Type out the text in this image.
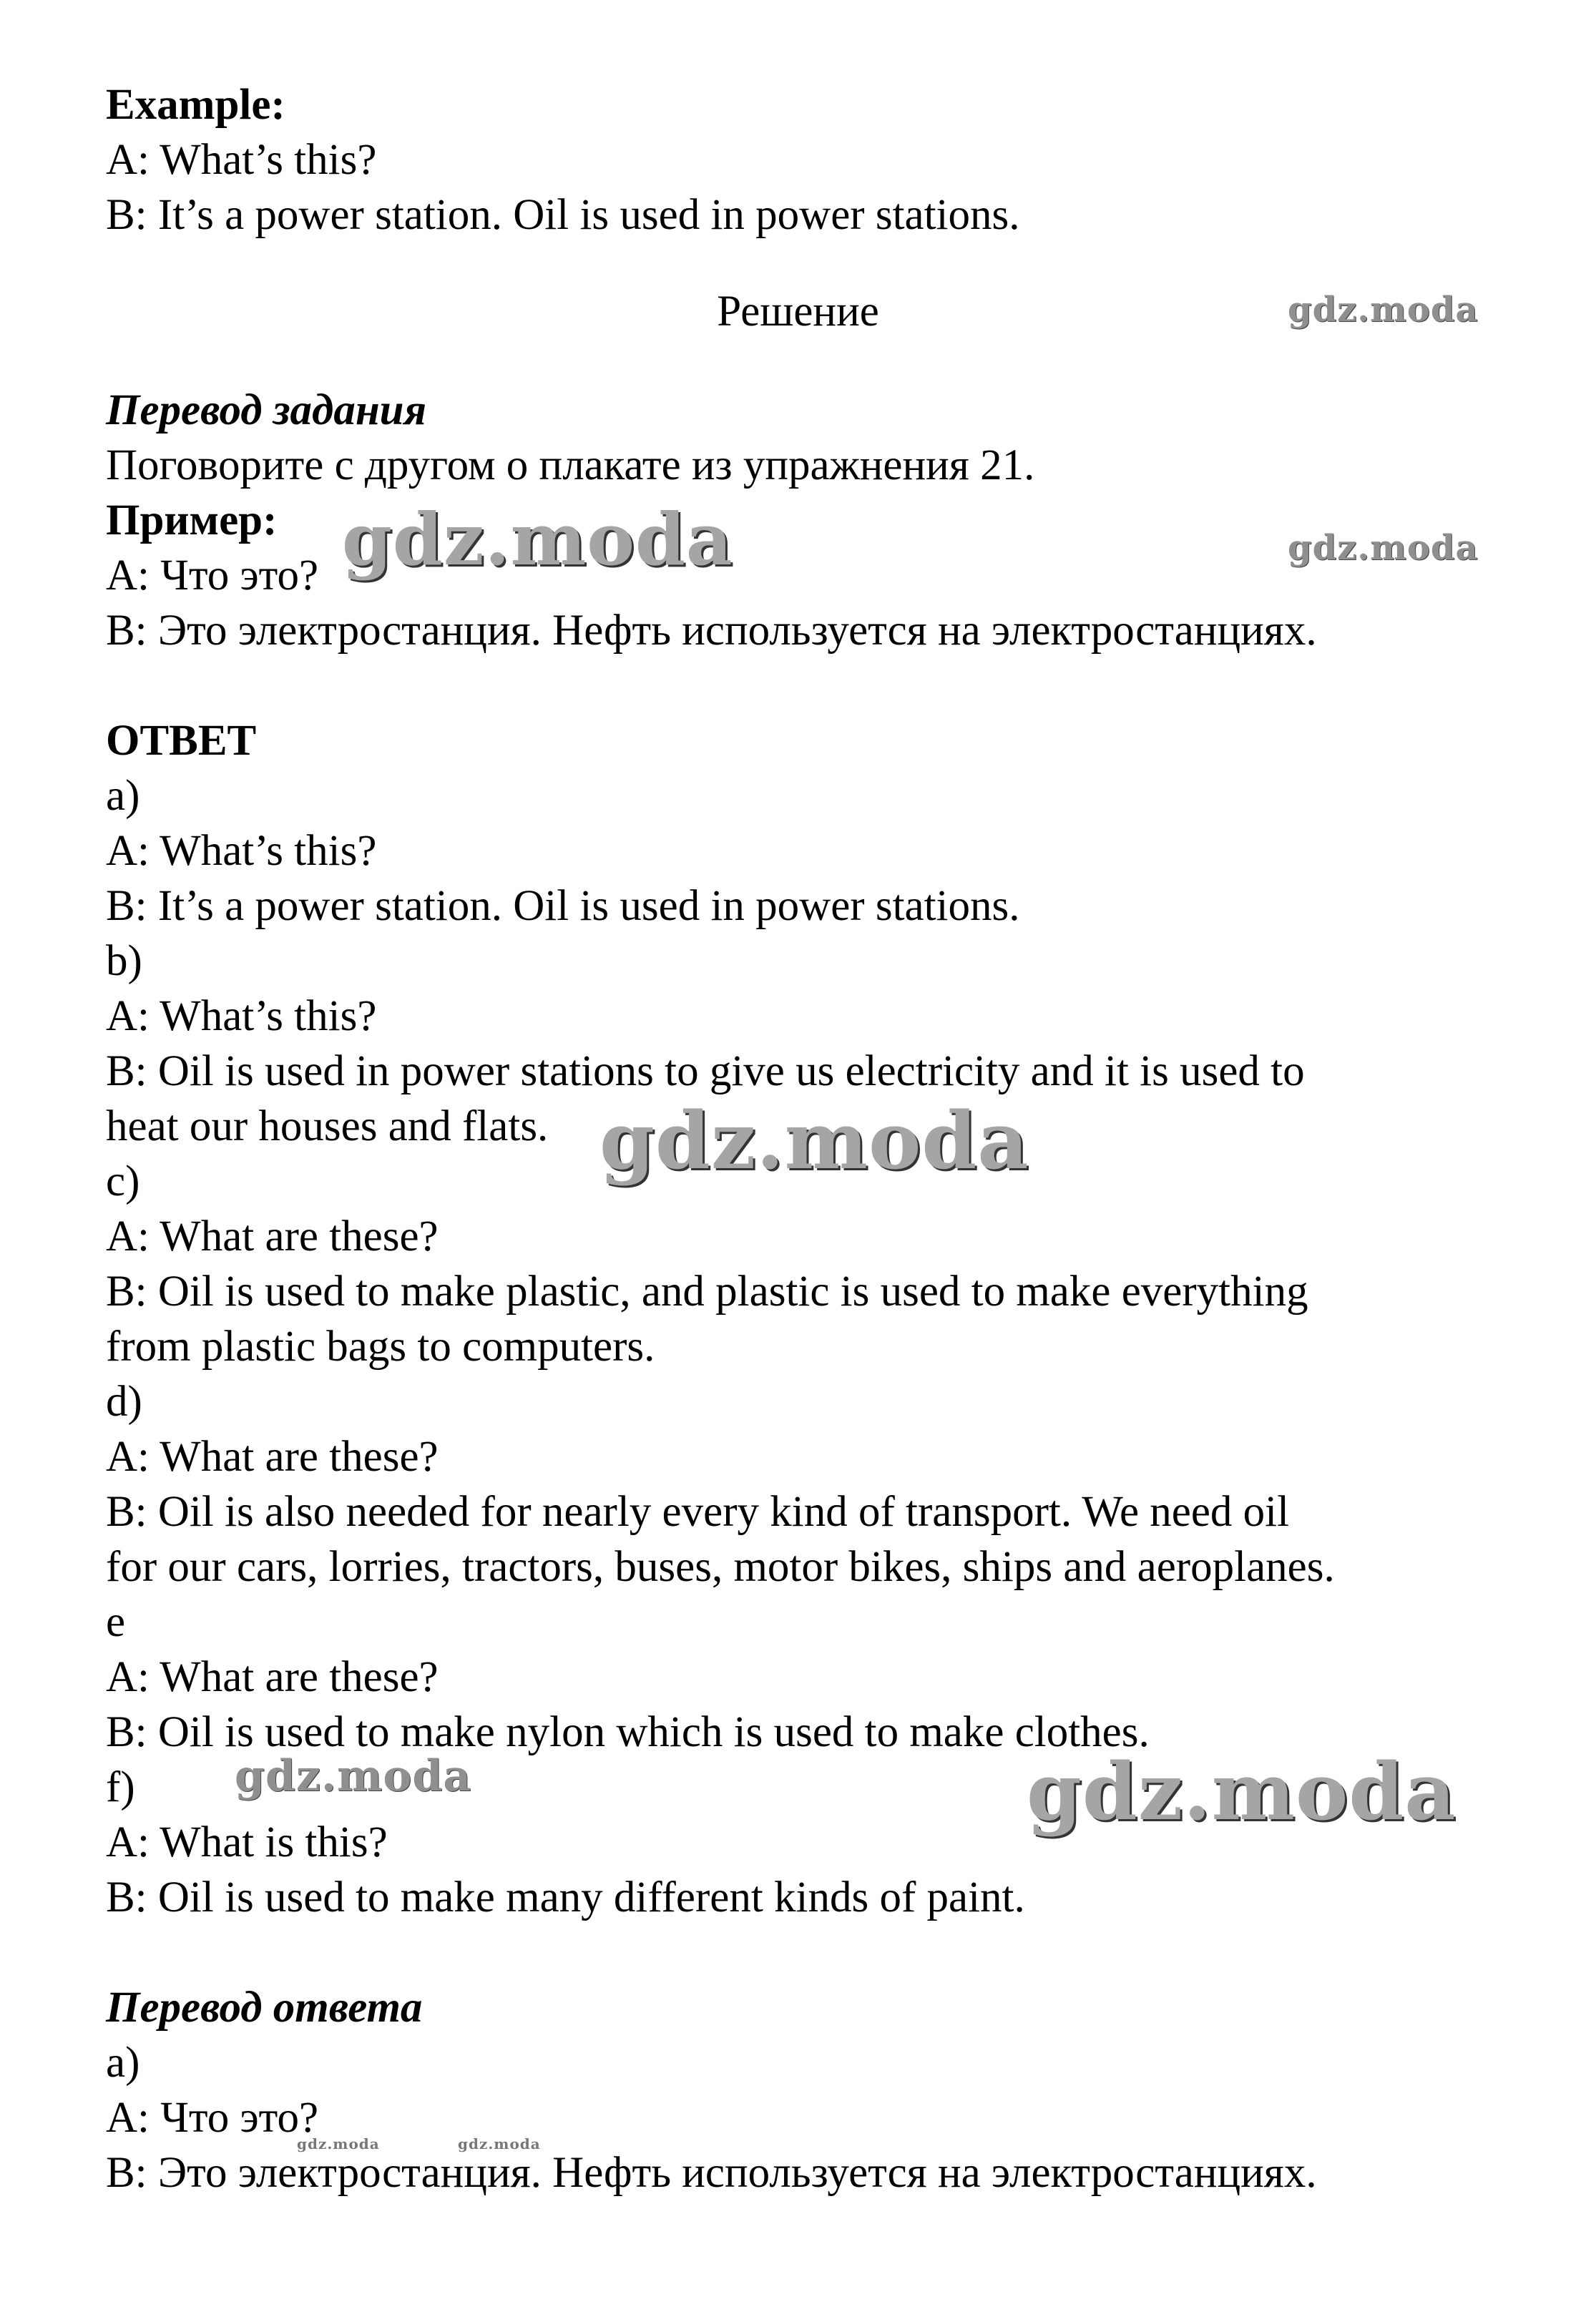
Example:
A: What’s this?
B: It’s a power station. Oil is used in power stations.
Решение
Перевод задания
Поговорите с другом о плакате из упражнения 21.
Пример:
A: Что это?
B: Это электростанция. Нефть используется на электростанциях.
ОТВЕТ
a)
A: What’s this?
B: It’s a power station. Oil is used in power stations.
b)
A: What’s this?
B: Oil is used in power stations to give us electricity and it is used to
heat our houses and flats.
c)
A: What are these?
B: Oil is used to make plastic, and plastic is used to make everything
from plastic bags to computers.
d)
A: What are these?
B: Oil is also needed for nearly every kind of transport. We need oil
for our cars, lorries, tractors, buses, motor bikes, ships and aeroplanes.
e
A: What are these?
B: Oil is used to make nylon which is used to make clothes.
f)
A: What is this?
B: Oil is used to make many different kinds of paint.
Перевод ответа
a)
A: Что это?
B: Это электростанция. Нефть используется на электростанциях.
gdz.moda
gdz.moda
gdz.moda
gdz.moda
gdz.moda	gdz.moda
gdz.moda	gdz.moda
